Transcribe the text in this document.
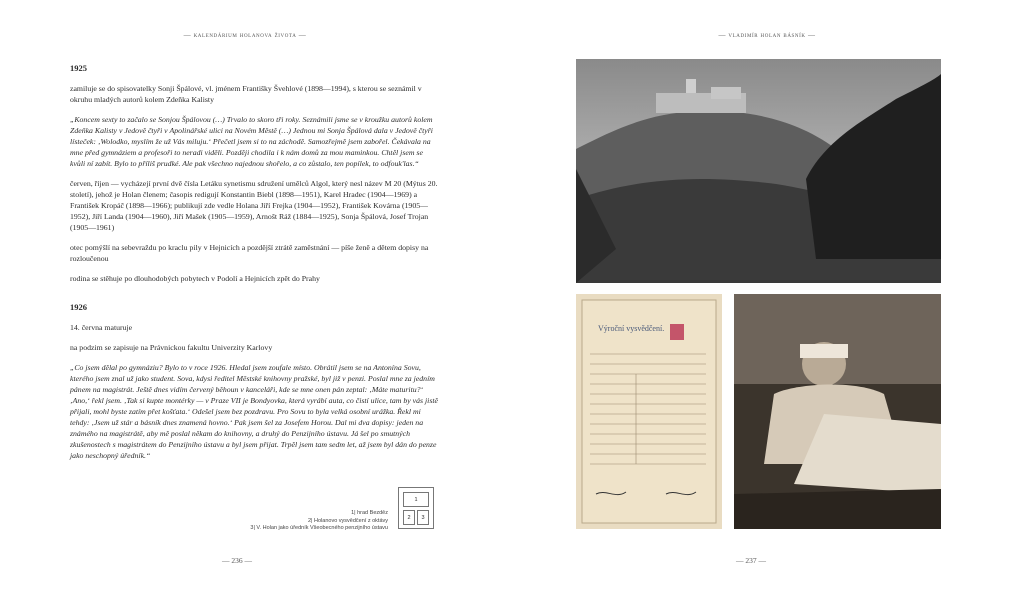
— kalendárium holanova života —

1925

zamiluje se do spisovatelky Sonji Špálové, vl. jménem Františky Švehlové (1898—1994), s kterou se seznámil v okruhu mladých autorů kolem Zdeňka Kalisty

„Koncem sexty to začalo se Sonjou Špálovou (…) Trvalo to skoro tři roky. Seznámili jsme se v kroužku autorů kolem Zdeňka Kalisty v Jedově čtyři v Apolinářské ulici na Novém Městě (…) Jednou mi Sonja Špálová dala v Jedově čtyři lísteček: ‚Wolodko, myslím že už Vás miluju.‘ Přečetl jsem si to na záchodě. Samozřejmě jsem zabořel. Čekávala na mne před gymnáziem a profesoři to neradi viděli. Později chodila i k nám domů za mou maminkou. Chtěl jsem se kvůli ní zabít. Bylo to příliš prudké. Ale pak všechno najednou shořelo, a co zůstalo, ten popílek, to odfouk'las.“

červen, říjen — vycházejí první dvě čísla Letáku synetismu sdružení umělců Algol, který nesl název M 20 (Mýtus 20. století), jehož je Holan členem; časopis redigují Konstantin Biebl (1898—1951), Karel Hradec (1904—1969) a František Kropáč (1898—1966); publikují zde vedle Holana Jiří Frejka (1904—1952), František Kovárna (1905—1952), Jiří Landa (1904—1960), Jiří Mašek (1905—1959), Arnošt Ráž (1884—1925), Sonja Špálová, Josef Trojan (1905—1961)

otec pomýšlí na sebevraždu po kraclu pily v Hejnicích a pozdější ztrátě zaměstnání — píše ženě a dětem dopisy na rozloučenou

rodina se stěhuje po dlouhodobých pobytech v Podolí a Hejnicích zpět do Prahy

1926

14. června maturuje

na podzim se zapisuje na Právnickou fakultu Univerzity Karlovy

„Co jsem dělal po gymnáziu? Bylo to v roce 1926. Hledal jsem zoufale místo. Obrátil jsem se na Antonína Sovu, kterého jsem znal už jako student. Sova, kdysi ředitel Městské knihovny pražské, byl již v penzi. Poslal mne za jedním pánem na magistrát. Ještě dnes vidím červený běhoun v kanceláři, kde se mne onen pán zeptal: ‚Máte maturitu?‘ ‚Ano,‘ řekl jsem. ‚Tak si kupte montérky — v Praze VII je Bondyovka, která vyrábí auta, co čistí ulice, tam by vás jistě přijali, mohl byste zatím přet košťata.‘ Odešel jsem bez pozdravu. Pro Sovu to byla velká osobní urážka. Řekl mi tehdy: ‚Jsem už stár a básník dnes znamená hovno.‘ Pak jsem šel za Josefem Horou. Dal mi dva dopisy: jeden na známého na magistrátě, aby mě poslal někam do knihovny, a druhý do Penzijního ústavu. Já šel po smutných zkušenostech s magistrátem do Penzijního ústavu a byl jsem přijat. Trpěl jsem tam sedm let, až jsem byl dán do penze jako neschopný úředník.“

1| hrad Bezděz
2| Holanovo vysvědčení z oktávy
3| V. Holan jako úředník Všeobecného penzijního ústavu
1
2	3
— 236 —
— vladimír holan básník —
Výroční vysvědčení.
— 237 —
